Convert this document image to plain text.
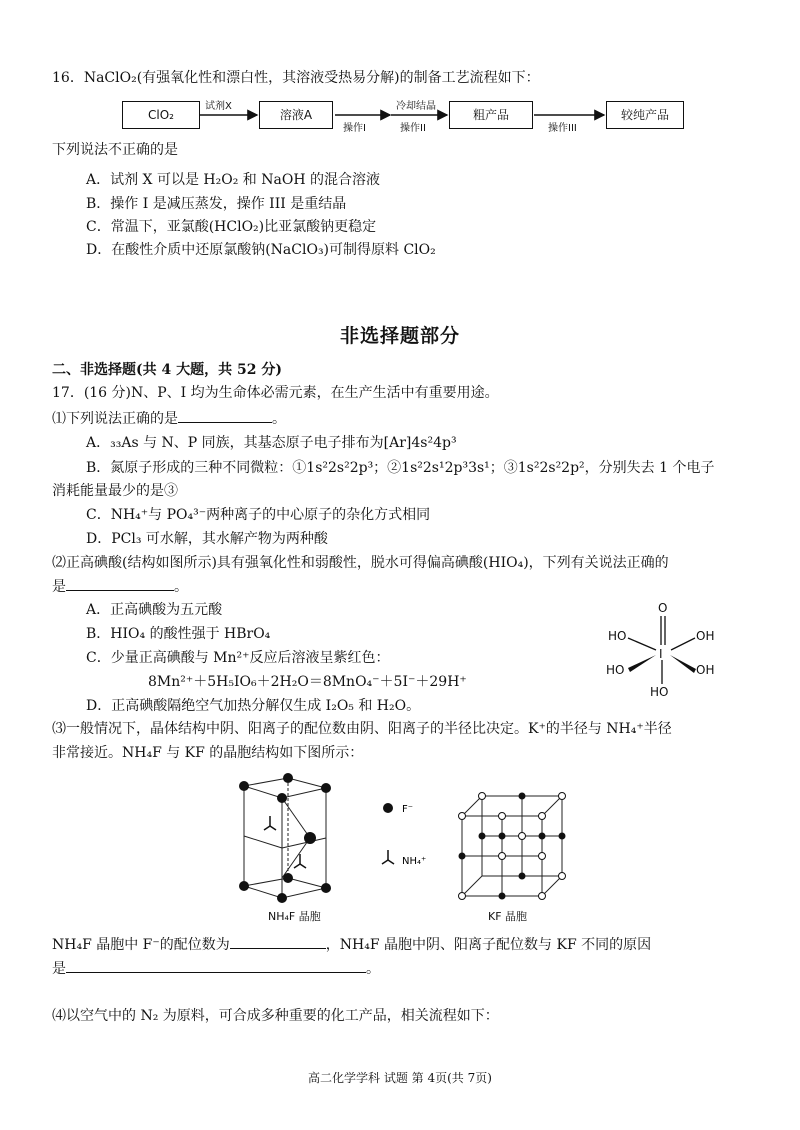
16．NaClO₂(有强氧化性和漂白性，其溶液受热易分解)的制备工艺流程如下：
ClO₂	溶液A	粗产品	较纯产品
试剂X
操作I
冷却结晶
操作II	操作III
下列说法不正确的是
A．试剂 X 可以是 H₂O₂ 和 NaOH 的混合溶液
B．操作 I 是减压蒸发，操作 III 是重结晶
C．常温下，亚氯酸(HClO₂)比亚氯酸钠更稳定
D．在酸性介质中还原氯酸钠(NaClO₃)可制得原料 ClO₂
非选择题部分
二、非选择题(共 4 大题，共 52 分)
17．(16 分)N、P、I 均为生命体必需元素，在生产生活中有重要用途。
⑴下列说法正确的是	。
A．₃₃As 与 N、P 同族，其基态原子电子排布为[Ar]4s²4p³
B．氮原子形成的三种不同微粒：①1s²2s²2p³；②1s²2s¹2p³3s¹；③1s²2s²2p²，分别失去 1 个电子
消耗能量最少的是③
C．NH₄⁺与 PO₄³⁻两种离子的中心原子的杂化方式相同
D．PCl₃ 可水解，其水解产物为两种酸
⑵正高碘酸(结构如图所示)具有强氧化性和弱酸性，脱水可得偏高碘酸(HIO₄)，下列有关说法正确的
是	。
A．正高碘酸为五元酸
B．HIO₄ 的酸性强于 HBrO₄
C．少量正高碘酸与 Mn²⁺反应后溶液呈紫红色：
8Mn²⁺＋5H₅IO₆＋2H₂O＝8MnO₄⁻＋5I⁻＋29H⁺
D．正高碘酸隔绝空气加热分解仅生成 I₂O₅ 和 H₂O。
O
I
HO	OH
HO	OH
HO
⑶一般情况下，晶体结构中阴、阳离子的配位数由阴、阳离子的半径比决定。K⁺的半径与 NH₄⁺半径
非常接近。NH₄F 与 KF 的晶胞结构如下图所示：
F⁻
NH₄⁺
NH₄F 晶胞	KF 晶胞
NH₄F 晶胞中 F⁻的配位数为	，NH₄F 晶胞中阴、阳离子配位数与 KF 不同的原因
是	。
⑷以空气中的 N₂ 为原料，可合成多种重要的化工产品，相关流程如下：
高二化学学科 试题 第 4页(共 7页)
